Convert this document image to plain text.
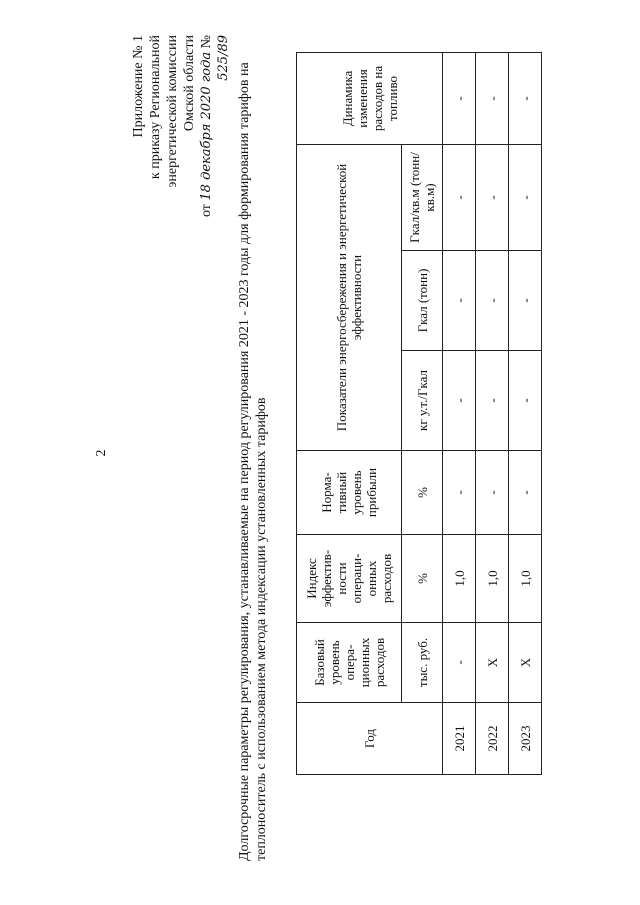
2
Приложение № 1 к приказу Региональной энергетической комиссии Омской области
от 18 декабря 2020 года № 525/89
Долгосрочные параметры регулирования, устанавливаемые на период регулирования 2021 - 2023 годы для формирования тарифов на теплоноситель с использованием метода индексации установленных тарифов	Год	Базовый уровень опера-ционных расходов	Индекс эффектив-ности операци-онных расходов	Норма-тивный уровень прибыли	Показатели энергосбережения и энергетической эффективности			Динамика изменения расходов на топливо
	тыс. руб.	%	%	кг у.т./Гкал	Гкал (тонн)	Гкал/кв.м (тонн/кв.м)	
2021	-	1,0	-	-	-	-	-
2022	Х	1,0	-	-	-	-	-
2023	Х	1,0	-	-	-	-	-
